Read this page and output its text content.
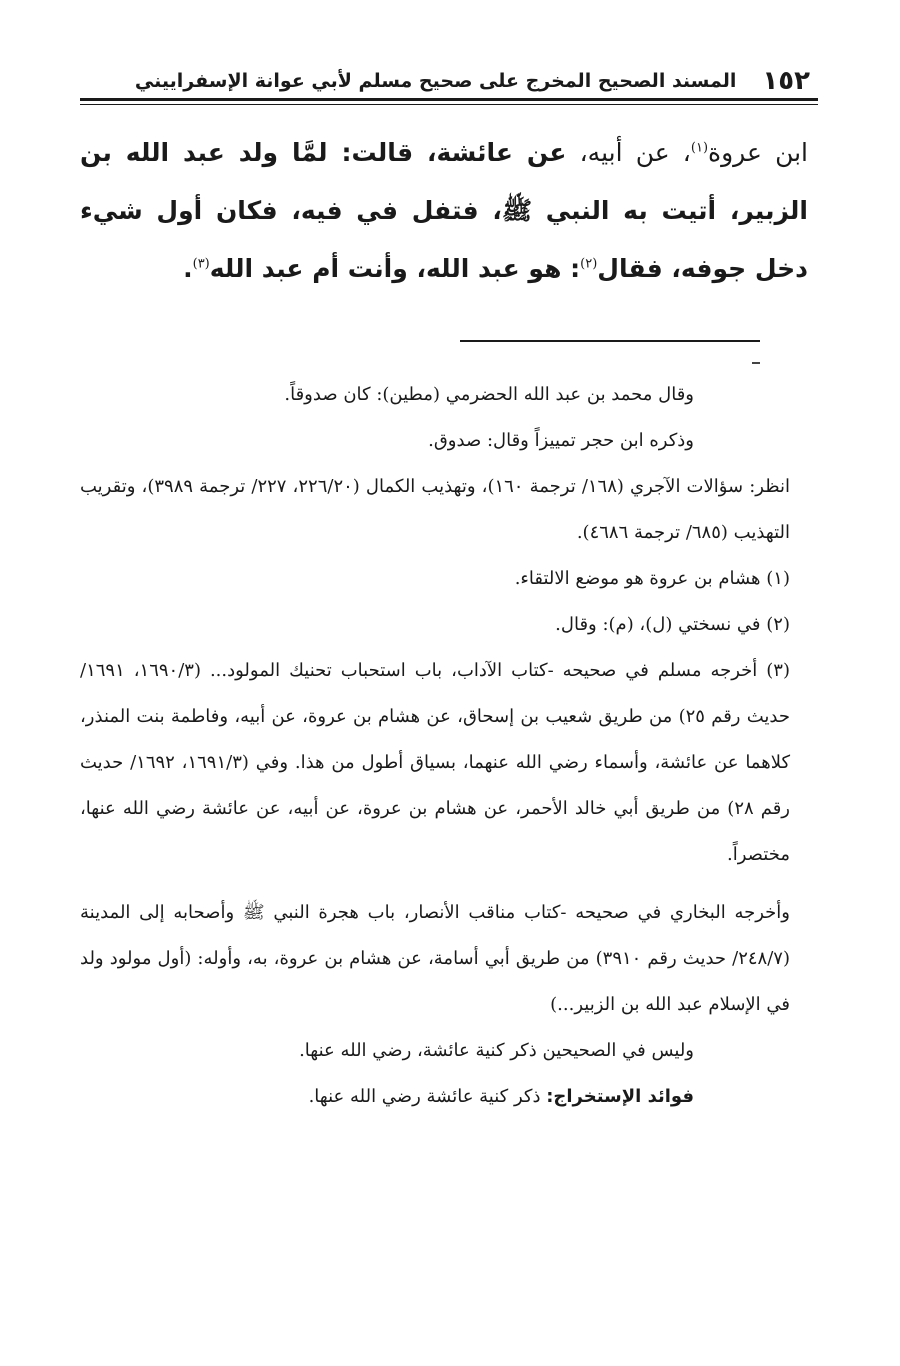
١٥٢
المسند الصحيح المخرج على صحيح مسلم لأبي عوانة الإسفراييني
ابن عروة$^{(١)}$، عن أبيه، عن عائشة، قالت: لمَّا ولد عبد الله بن الزبير، أتيت به النبي ﷺ، فتفل في فيه، فكان أول شيء دخل جوفه، فقال$^{(٢)}$: هو عبد الله، وأنت أم عبد الله$^{(٣)}$.

وقال محمد بن عبد الله الحضرمي (مطين): كان صدوقاً.

وذكره ابن حجر تمييزاً وقال: صدوق.

انظر: سؤالات الآجري (١٦٨/ ترجمة ١٦٠)، وتهذيب الكمال (٢٢٦/٢٠، ٢٢٧/ ترجمة ٣٩٨٩)، وتقريب التهذيب (٦٨٥/ ترجمة ٤٦٨٦).

(١) هشام بن عروة هو موضع الالتقاء.

(٢) في نسختي (ل)، (م): وقال.

(٣) أخرجه مسلم في صحيحه -كتاب الآداب، باب استحباب تحنيك المولود... (١٦٩٠/٣، ١٦٩١/ حديث رقم ٢٥) من طريق شعيب بن إسحاق، عن هشام بن عروة، عن أبيه، وفاطمة بنت المنذر، كلاهما عن عائشة، وأسماء رضي الله عنهما، بسياق أطول من هذا. وفي (١٦٩١/٣، ١٦٩٢/ حديث رقم ٢٨) من طريق أبي خالد الأحمر، عن هشام بن عروة، عن أبيه، عن عائشة رضي الله عنها، مختصراً.

وأخرجه البخاري في صحيحه -كتاب مناقب الأنصار، باب هجرة النبي ﷺ وأصحابه إلى المدينة (٢٤٨/٧/ حديث رقم ٣٩١٠) من طريق أبي أسامة، عن هشام بن عروة، به، وأوله: (أول مولود ولد في الإسلام عبد الله بن الزبير...)

وليس في الصحيحين ذكر كنية عائشة، رضي الله عنها.

فوائد الإستخراج: ذكر كنية عائشة رضي الله عنها.
